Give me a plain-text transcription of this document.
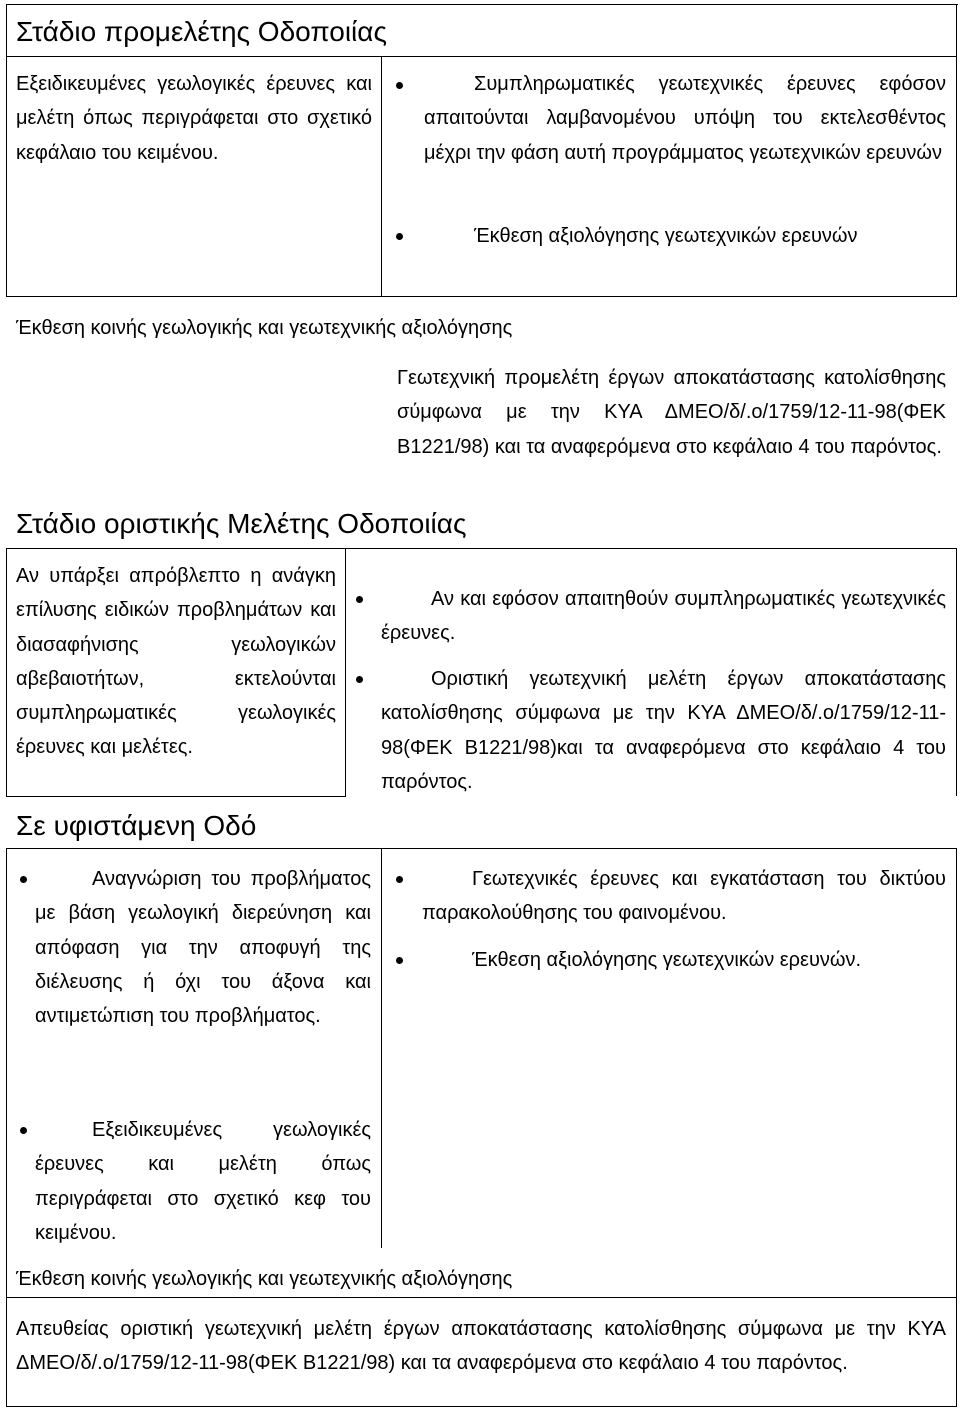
Στάδιο προμελέτης Οδοποιίας
Εξειδικευμένες γεωλογικές έρευνες και μελέτη όπως περιγράφεται στο σχετικό κεφάλαιο του κειμένου.
Συμπληρωματικές γεωτεχνικές έρευνες εφόσον απαιτούνται λαμβανομένου υπόψη του εκτελεσθέντος μέχρι την φάση αυτή προγράμματος γεωτεχνικών ερευνών
Έκθεση αξιολόγησης γεωτεχνικών ερευνών
Έκθεση κοινής γεωλογικής και γεωτεχνικής αξιολόγησης
Γεωτεχνική προμελέτη έργων αποκατάστασης κατολίσθησης σύμφωνα με την ΚΥΑ ΔΜΕΟ/δ/.ο/1759/12-11-98(ΦΕΚ Β1221/98) και τα αναφερόμενα στο κεφάλαιο 4 του παρόντος.
Στάδιο οριστικής Μελέτης Οδοποιίας
Αν υπάρξει απρόβλεπτο η ανάγκη επίλυσης ειδικών προβλημάτων και διασαφήνισης γεωλογικών αβεβαιοτήτων, εκτελούνται συμπληρωματικές γεωλογικές έρευνες και μελέτες.
Αν και εφόσον απαιτηθούν συμπληρωματικές γεωτεχνικές έρευνες.
Οριστική γεωτεχνική μελέτη έργων αποκατάστασης κατολίσθησης σύμφωνα με την ΚΥΑ ΔΜΕΟ/δ/.ο/1759/12-11-98(ΦΕΚ Β1221/98)και τα αναφερόμενα στο κεφάλαιο 4 του παρόντος.
Σε υφιστάμενη Οδό
Αναγνώριση του προβλήματος με βάση γεωλογική διερεύνηση και απόφαση για την αποφυγή της διέλευσης ή όχι του άξονα και αντιμετώπιση του προβλήματος.
Εξειδικευμένες γεωλογικές έρευνες και μελέτη όπως περιγράφεται στο σχετικό κεφ του κειμένου.
Γεωτεχνικές έρευνες και εγκατάσταση του δικτύου παρακολούθησης του φαινομένου.
Έκθεση αξιολόγησης γεωτεχνικών ερευνών.
Έκθεση κοινής γεωλογικής και γεωτεχνικής αξιολόγησης
Απευθείας οριστική γεωτεχνική μελέτη έργων αποκατάστασης κατολίσθησης σύμφωνα με την ΚΥΑ ΔΜΕΟ/δ/.ο/1759/12-11-98(ΦΕΚ Β1221/98) και τα αναφερόμενα στο κεφάλαιο 4 του παρόντος.
